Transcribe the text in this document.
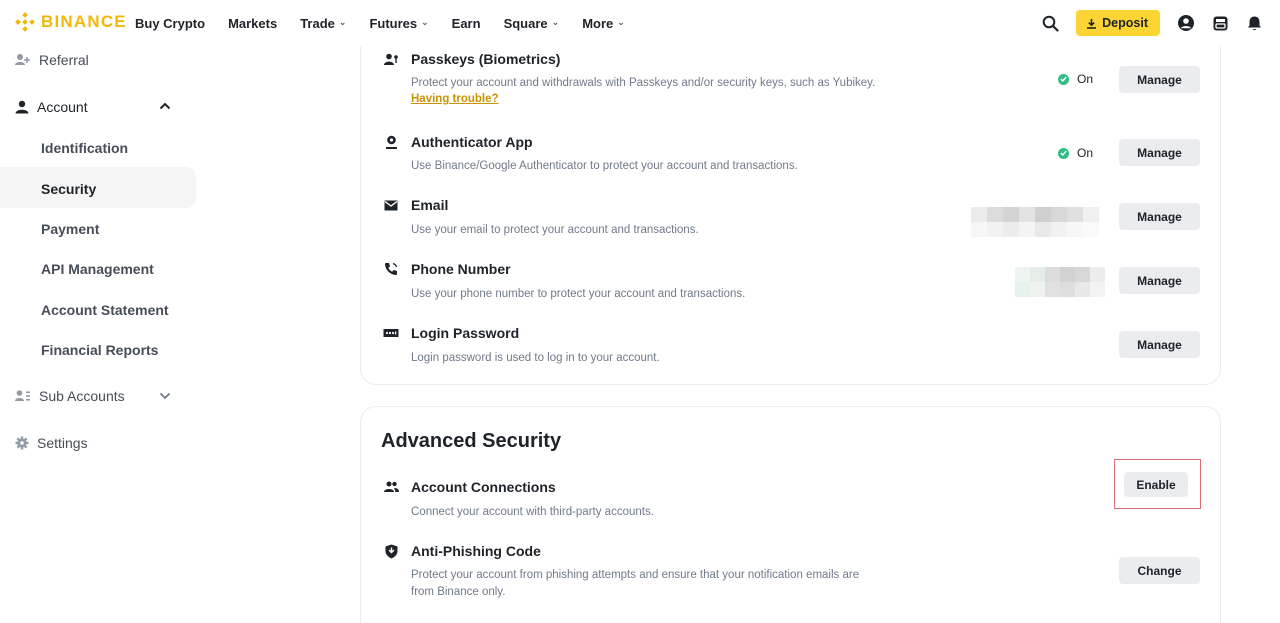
BINANCE Buy Crypto Markets Trade ⌄ Futures ⌄ Earn Square ⌄ More ⌄	Deposit
Referral
Account
Identification
Security
Payment
API Management
Account Statement
Financial Reports
Sub Accounts
Settings
Passkeys (Biometrics)
Protect your account and withdrawals with Passkeys and/or security keys, such as Yubikey.
Having trouble?
On	Manage
Authenticator App
Use Binance/Google Authenticator to protect your account and transactions.
On	Manage
Email
Use your email to protect your account and transactions.
Manage
Phone Number
Use your phone number to protect your account and transactions.
Manage
Login Password
Login password is used to log in to your account.
Manage
Advanced Security
Account Connections
Connect your account with third-party accounts.
Enable
Anti-Phishing Code
Protect your account from phishing attempts and ensure that your notification emails are
from Binance only.
Change
